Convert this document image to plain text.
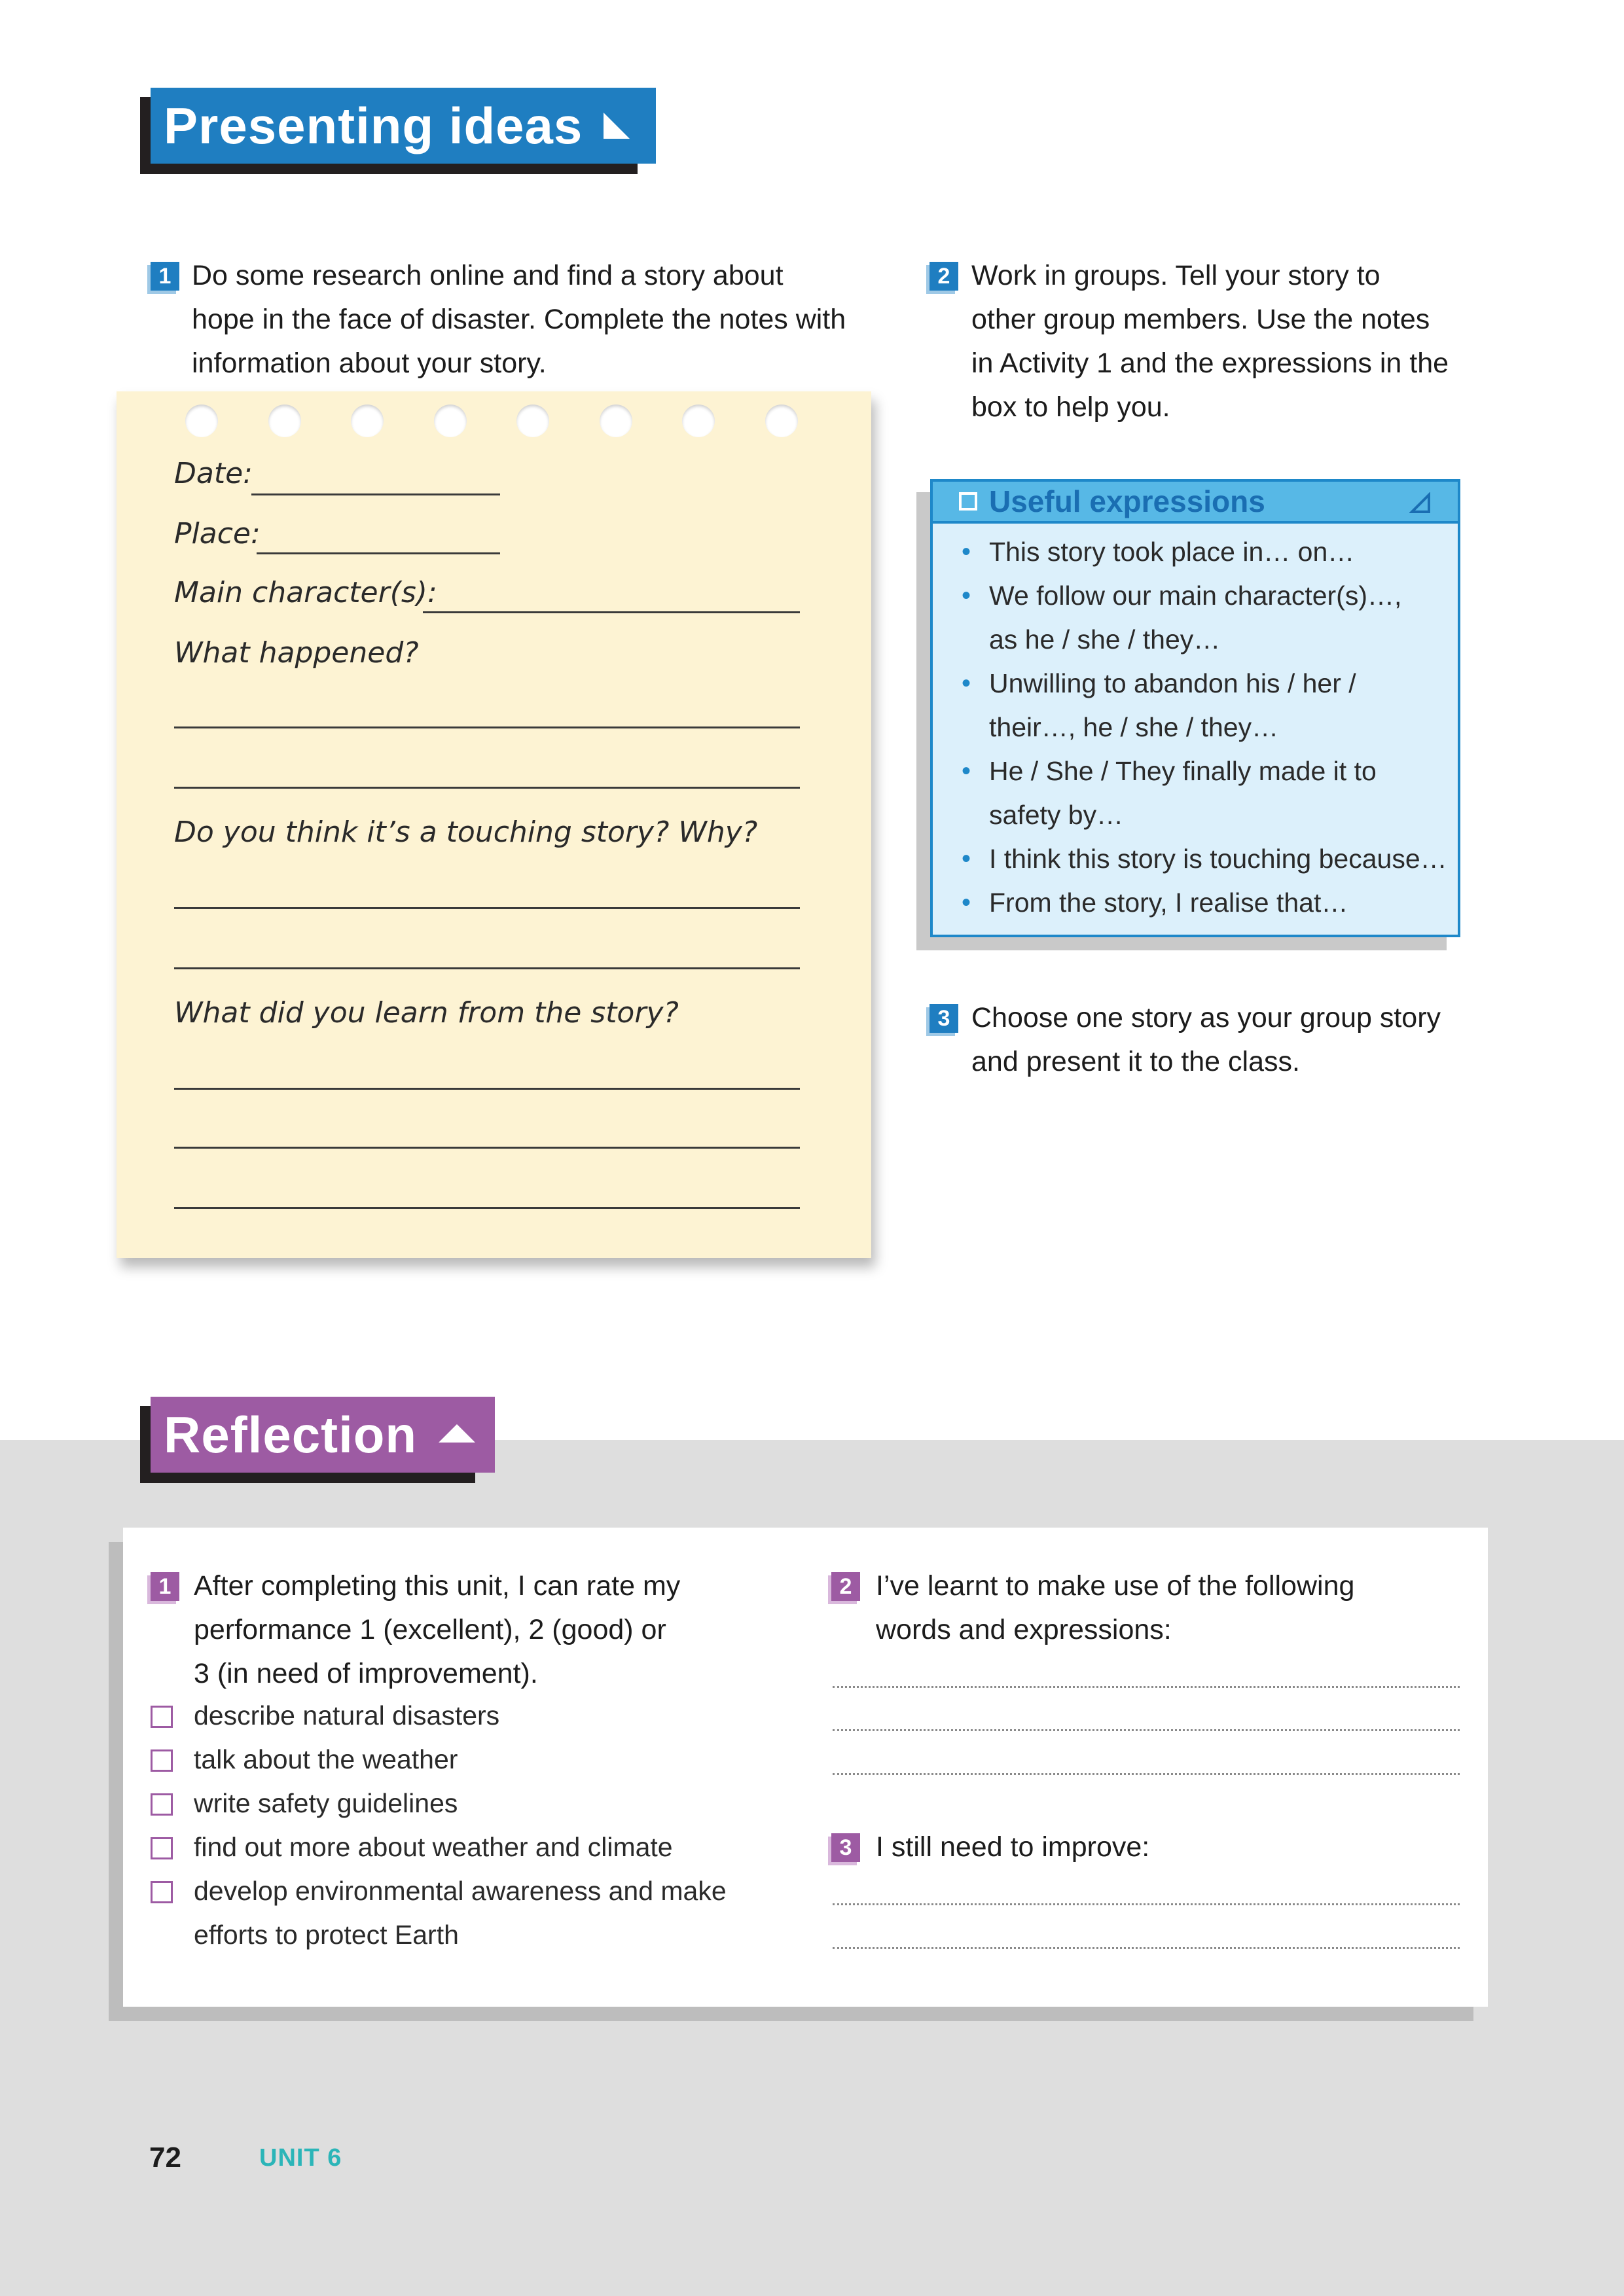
Presenting ideas
1 Do some research online and find a story about
hope in the face of disaster. Complete the notes with
information about your story.
Date:
Place:
Main character(s):
What happened?
Do you think it’s a touching story? Why?
What did you learn from the story?
2 Work in groups. Tell your story to
other group members. Use the notes
in Activity 1 and the expressions in the
box to help you.
Useful expressions
• This story took place in… on…
• We follow our main character(s)…,
as he / she / they…
• Unwilling to abandon his / her /
their…, he / she / they…
• He / She / They finally made it to
safety by…
• I think this story is touching because…
• From the story, I realise that…
3 Choose one story as your group story
and present it to the class.
Reflection
1 After completing this unit, I can rate my
performance 1 (excellent), 2 (good) or
3 (in need of improvement).
describe natural disasters
talk about the weather
write safety guidelines
find out more about weather and climate
develop environmental awareness and make
efforts to protect Earth
2 I’ve learnt to make use of the following
words and expressions:
3 I still need to improve:
72	UNIT 6
